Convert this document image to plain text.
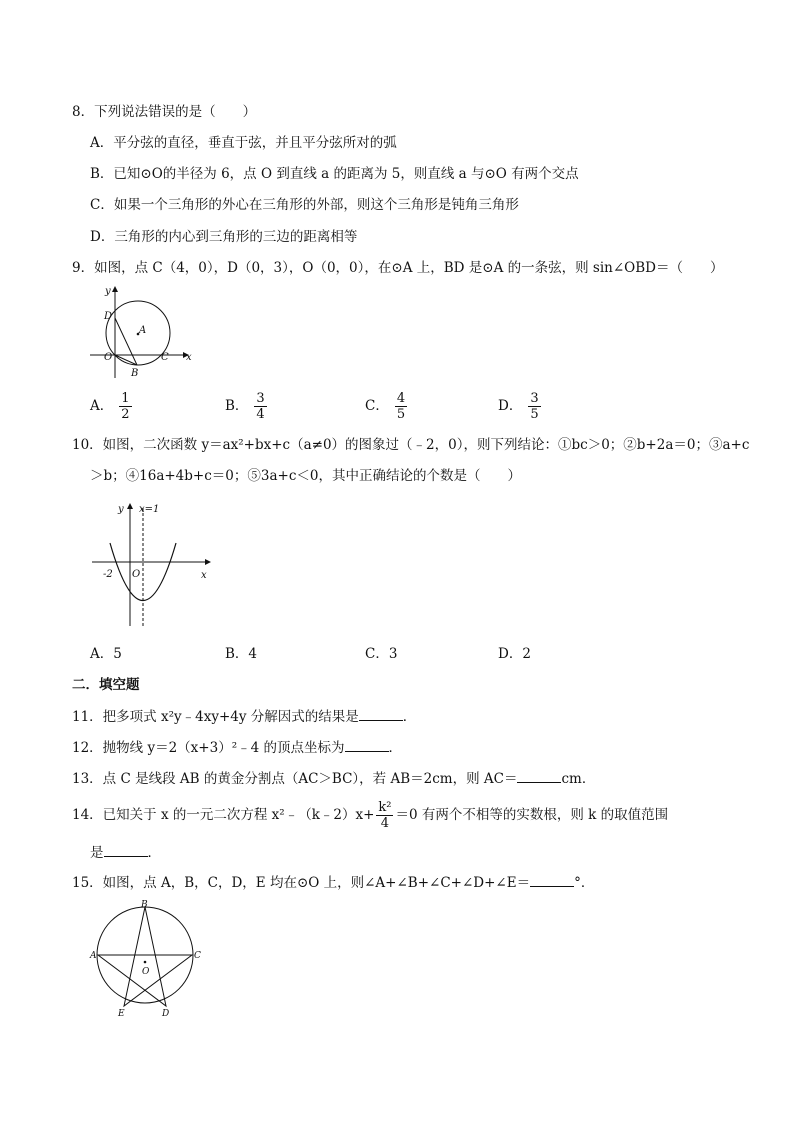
8．下列说法错误的是（　　）
A．平分弦的直径，垂直于弦，并且平分弦所对的弧
B．已知⊙O的半径为 6，点 O 到直线 a 的距离为 5，则直线 a 与⊙O 有两个交点
C．如果一个三角形的外心在三角形的外部，则这个三角形是钝角三角形
D．三角形的内心到三角形的三边的距离相等
9．如图，点 C（4，0），D（0，3），O（0，0），在⊙A 上，BD 是⊙A 的一条弦，则 sin∠OBD＝（　　）
y
D
A
O	C x
B
A． $\frac{1}{2}$	B． $\frac{3}{4}$	C． $\frac{4}{5}$	D． $\frac{3}{5}$
10．如图，二次函数 y＝ax²+bx+c（a≠0）的图象过（﹣2，0），则下列结论：①bc＞0；②b+2a＝0；③a+c
＞b；④16a+4b+c＝0；⑤3a+c＜0，其中正确结论的个数是（　　）
y x=1
-2 O	x
A．5	B．4	C．3	D．2
二．填空题
11．把多项式 x²y﹣4xy+4y 分解因式的结果是	．
12．抛物线 y＝2（x+3）²﹣4 的顶点坐标为	．
13．点 C 是线段 AB 的黄金分割点（AC＞BC），若 AB＝2cm，则 AC＝	cm．
14．已知关于 x 的一元二次方程 x²﹣（k﹣2）x+ $\frac{\text{k²}}{4} =0$ 有两个不相等的实数根，则 k 的取值范围
是	．
15．如图，点 A，B，C，D，E 均在⊙O 上，则∠A+∠B+∠C+∠D+∠E＝	°．
B
A	C
O
E	D
